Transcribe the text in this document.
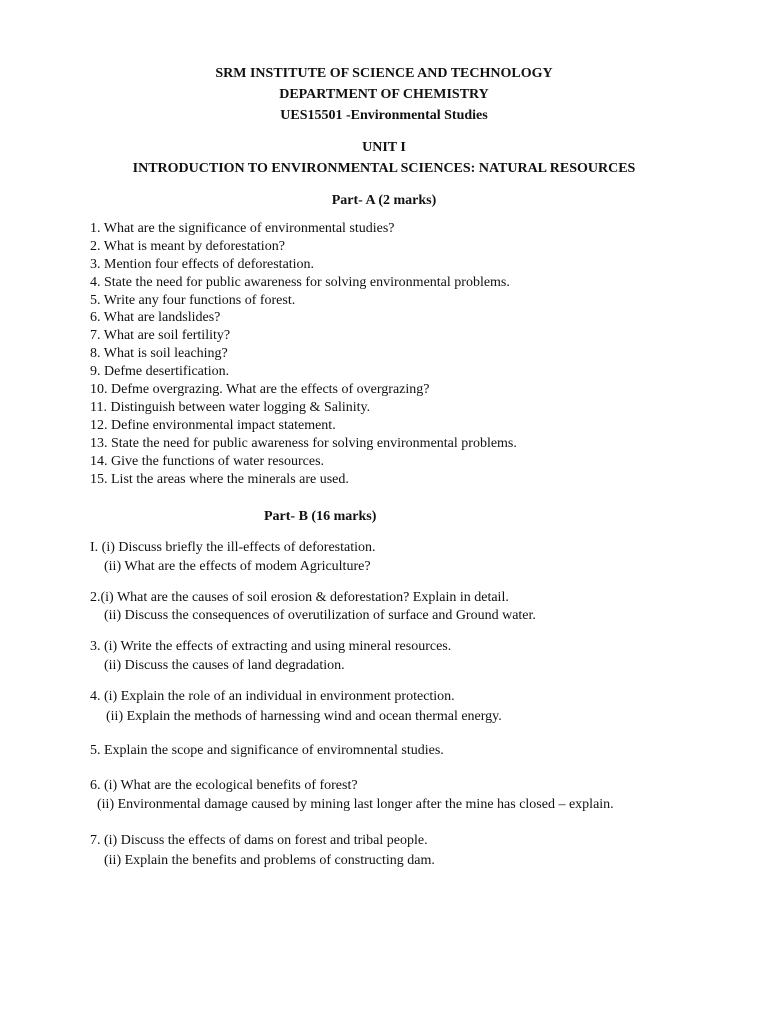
SRM INSTITUTE OF SCIENCE AND TECHNOLOGY
DEPARTMENT OF CHEMISTRY
UES15501 -Environmental Studies
UNIT I
INTRODUCTION TO ENVIRONMENTAL SCIENCES: NATURAL RESOURCES
Part- A (2 marks)
1. What are the significance of environmental studies?
2. What is meant by deforestation?
3. Mention four effects of deforestation.
4. State the need for public awareness for solving environmental problems.
5. Write any four functions of forest.
6. What are landslides?
7. What are soil fertility?
8. What is soil leaching?
9. Defme desertification.
10. Defme overgrazing. What are the effects of overgrazing?
11. Distinguish between water logging & Salinity.
12. Define environmental impact statement.
13. State the need for public awareness for solving environmental problems.
14. Give the functions of water resources.
15. List the areas where the minerals are used.
Part- B (16 marks)
I. (i) Discuss briefly the ill-effects of deforestation.
(ii) What are the effects of modem Agriculture?
2.(i) What are the causes of soil erosion & deforestation? Explain in detail.
(ii) Discuss the consequences of overutilization of surface and Ground water.
3. (i) Write the effects of extracting and using mineral resources.
(ii) Discuss the causes of land degradation.
4. (i) Explain the role of an individual in environment protection.
(ii) Explain the methods of harnessing wind and ocean thermal energy.
5. Explain the scope and significance of enviromnental studies.
6. (i) What are the ecological benefits of forest?
(ii) Environmental damage caused by mining last longer after the mine has closed – explain.
7. (i) Discuss the effects of dams on forest and tribal people.
(ii) Explain the benefits and problems of constructing dam.
